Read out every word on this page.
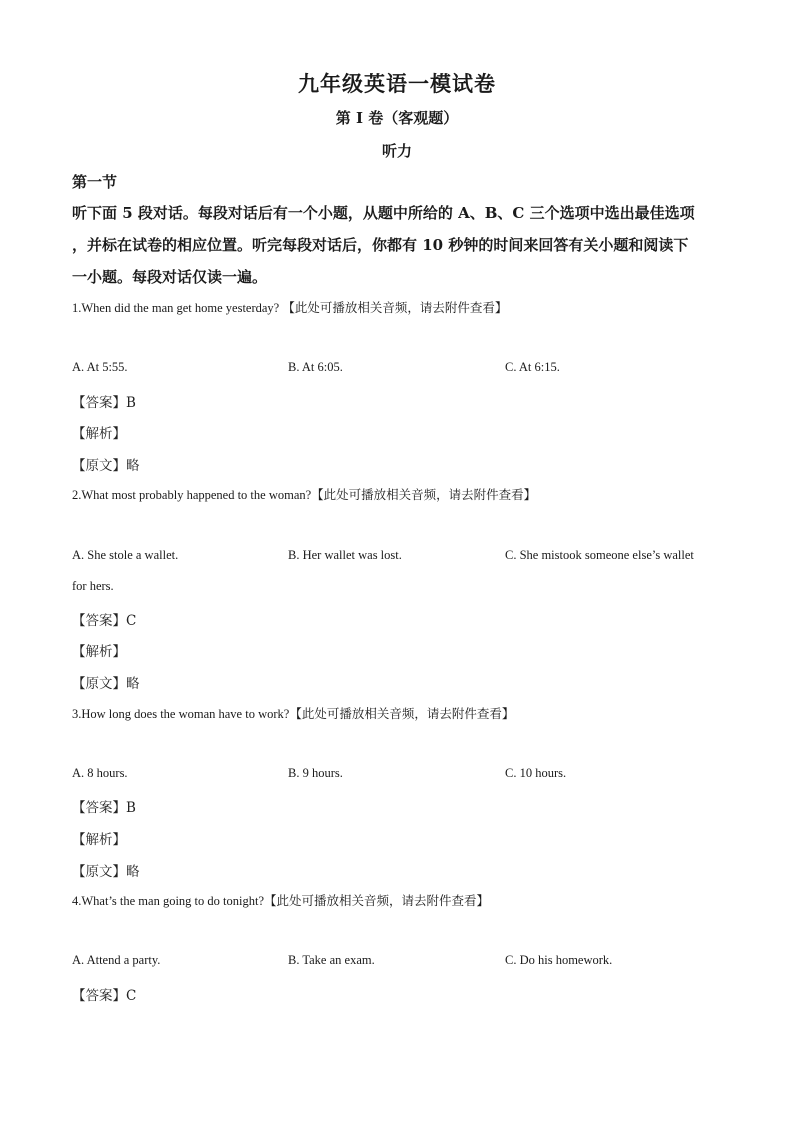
九年级英语一模试卷
第 I 卷（客观题）
听力
第一节
听下面 5 段对话。每段对话后有一个小题，从题中所给的 A、B、C 三个选项中选出最佳选项
，并标在试卷的相应位置。听完每段对话后，你都有 10 秒钟的时间来回答有关小题和阅读下
一小题。每段对话仅读一遍。
1.When did the man get home yesterday? 【此处可播放相关音频，请去附件查看】
A. At 5:55.	B. At 6:05.	C. At 6:15.
【答案】B
【解析】
【原文】略
2.What most probably happened to the woman?【此处可播放相关音频，请去附件查看】
A. She stole a wallet.	B. Her wallet was lost.	C. She mistook someone else’s wallet
for hers.
【答案】C
【解析】
【原文】略
3.How long does the woman have to work?【此处可播放相关音频，请去附件查看】
A. 8 hours.	B. 9 hours.	C. 10 hours.
【答案】B
【解析】
【原文】略
4.What’s the man going to do tonight?【此处可播放相关音频，请去附件查看】
A. Attend a party.	B. Take an exam.	C. Do his homework.
【答案】C
